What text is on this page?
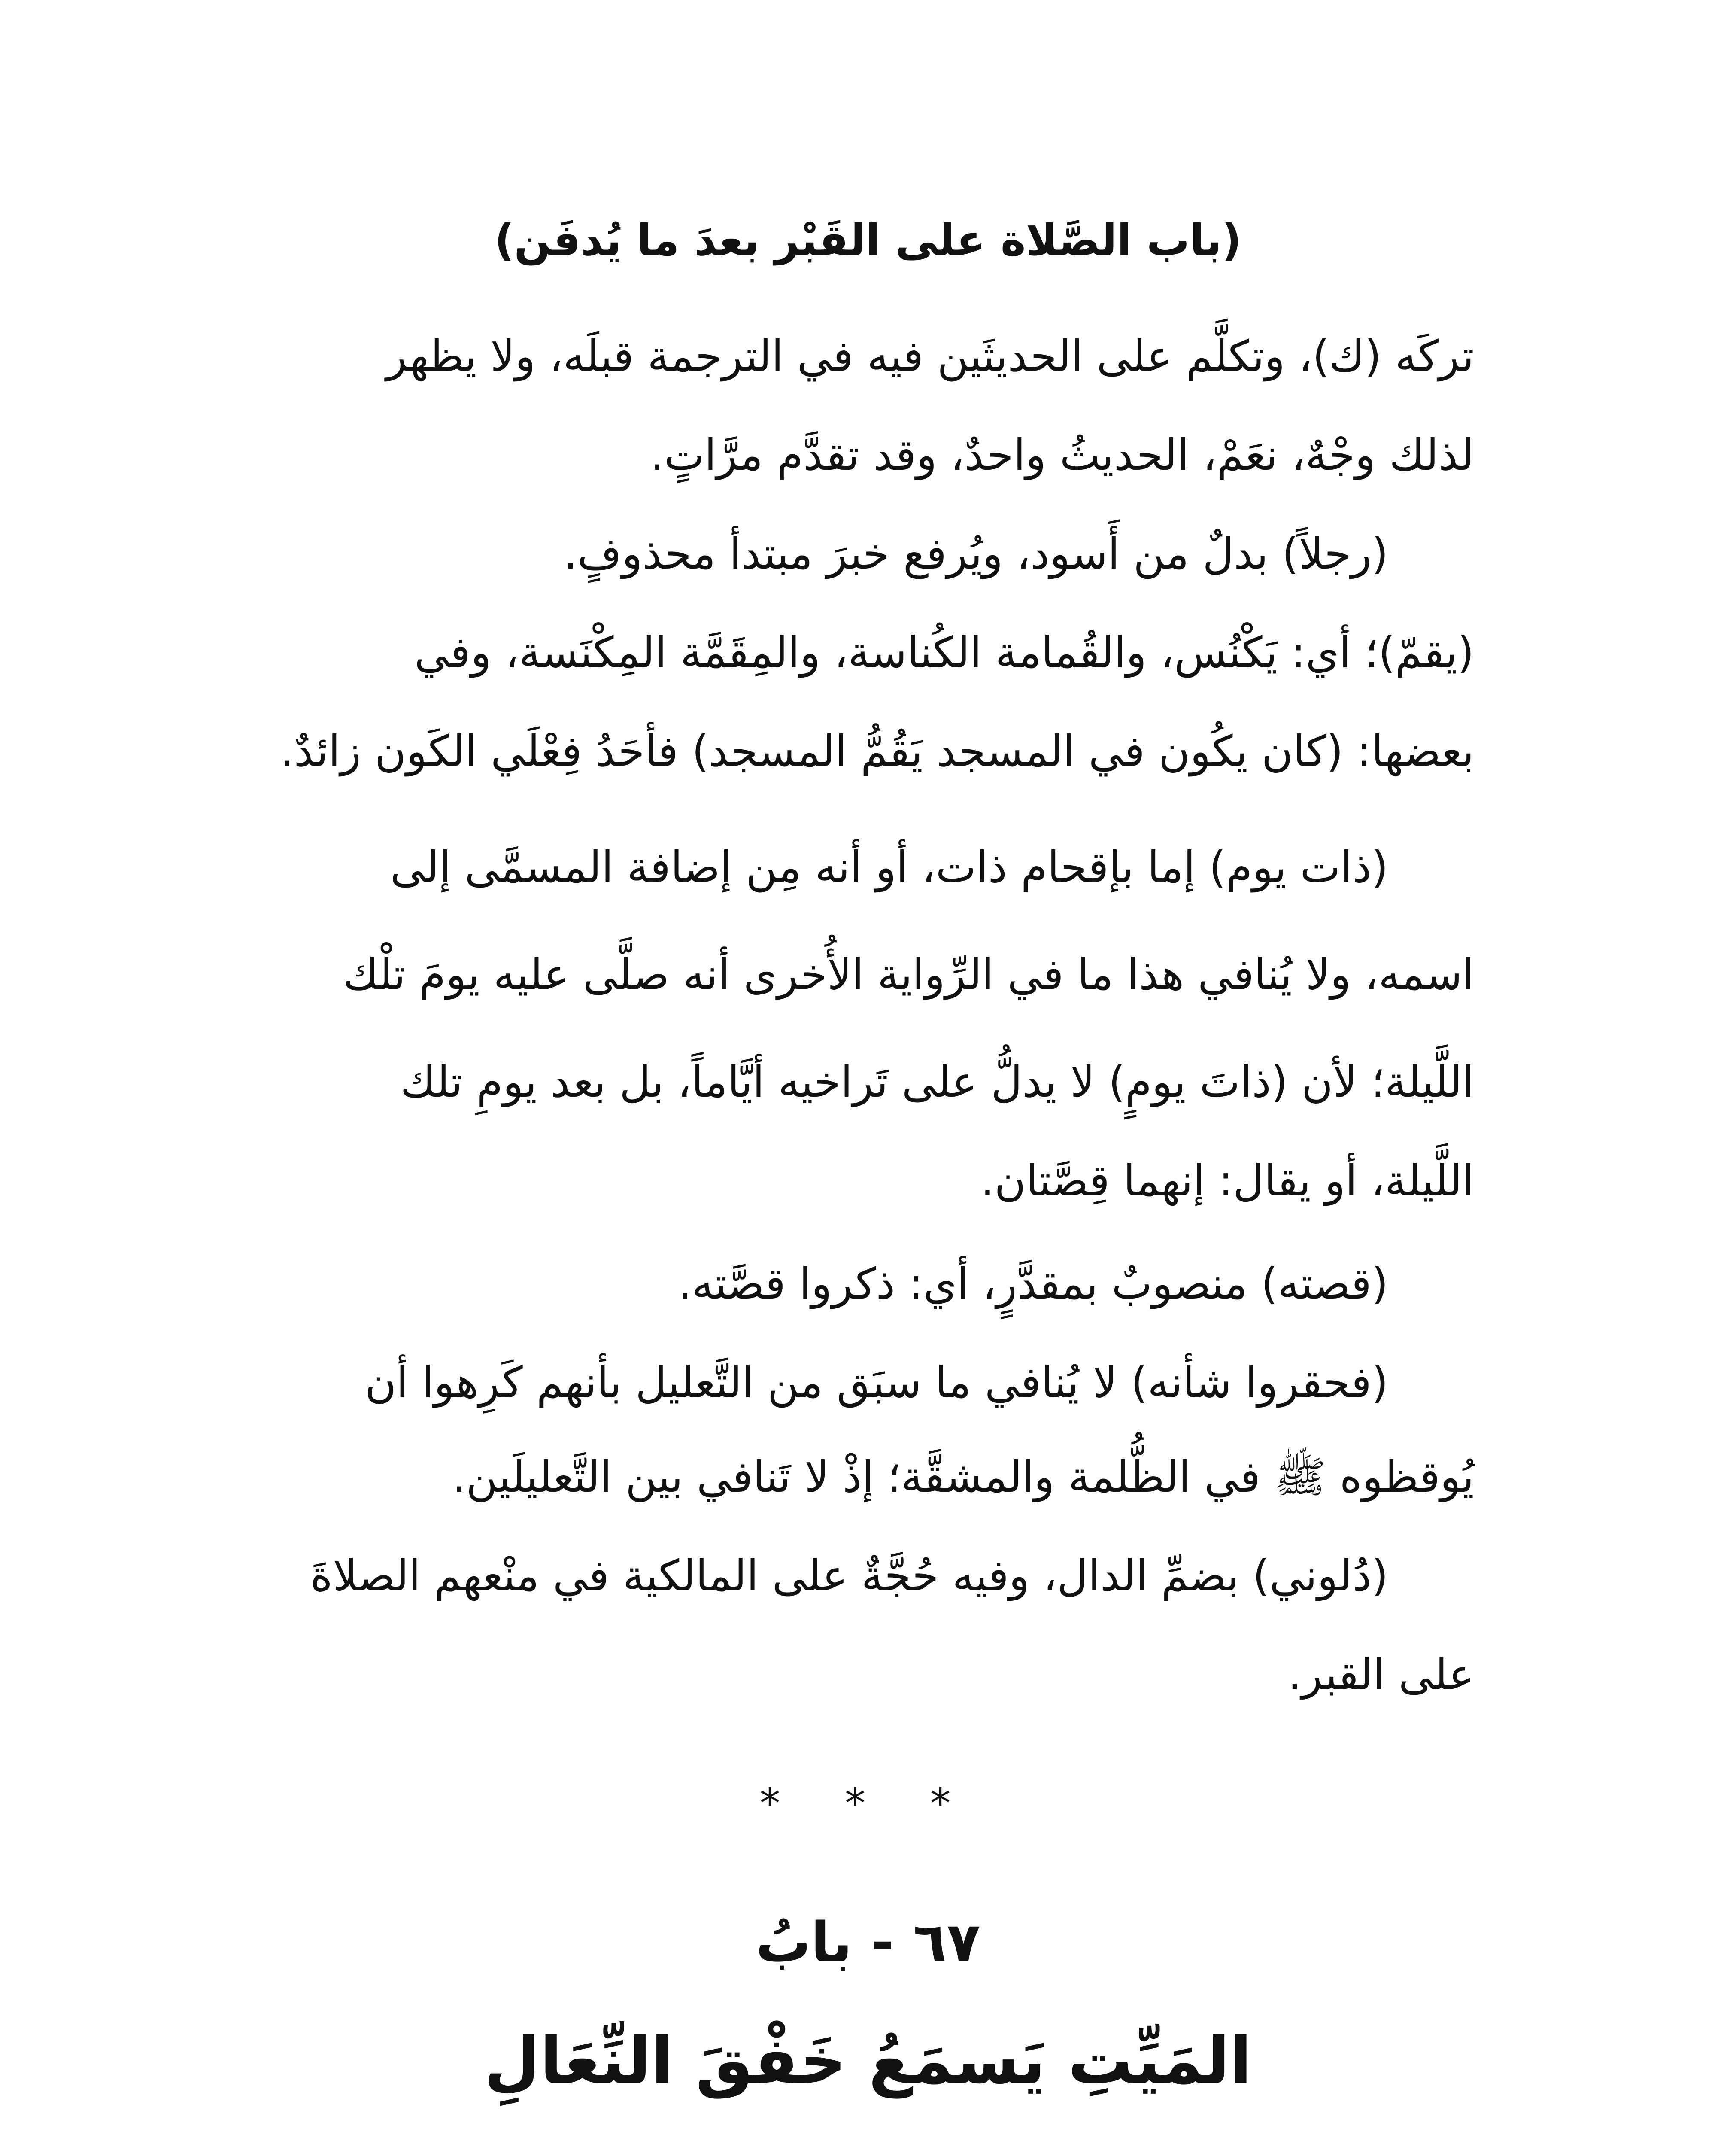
(باب الصَّلاة على القَبْر بعدَ ما يُدفَن)
تركَه (ك)، وتكلَّم على الحديثَين فيه في الترجمة قبلَه، ولا يظهر
لذلك وجْهٌ، نعَمْ، الحديثُ واحدٌ، وقد تقدَّم مرَّاتٍ.
(رجلاً) بدلٌ من أَسود، ويُرفع خبرَ مبتدأ محذوفٍ.
(يقمّ)؛ أي: يَكْنُس، والقُمامة الكُناسة، والمِقَمَّة المِكْنَسة، وفي
بعضها: (كان يكُون في المسجد يَقُمُّ المسجد) فأحَدُ فِعْلَي الكَون زائدٌ.
(ذات يوم) إما بإقحام ذات، أو أنه مِن إضافة المسمَّى إلى
اسمه، ولا يُنافي هذا ما في الرِّواية الأُخرى أنه صلَّى عليه يومَ تلْك
اللَّيلة؛ لأن (ذاتَ يومٍ) لا يدلُّ على تَراخيه أيَّاماً، بل بعد يومِ تلك
اللَّيلة، أو يقال: إنهما قِصَّتان.
(قصته) منصوبٌ بمقدَّرٍ، أي: ذكروا قصَّته.
(فحقروا شأنه) لا يُنافي ما سبَق من التَّعليل بأنهم كَرِهوا أن
يُوقظوه ﷺ في الظُّلمة والمشقَّة؛ إذْ لا تَنافي بين التَّعليلَين.
(دُلوني) بضمِّ الدال، وفيه حُجَّةٌ على المالكية في منْعهم الصلاةَ
على القبر.
* * *
٦٧ - بابُ
المَيِّتِ يَسمَعُ خَفْقَ النِّعَالِ
